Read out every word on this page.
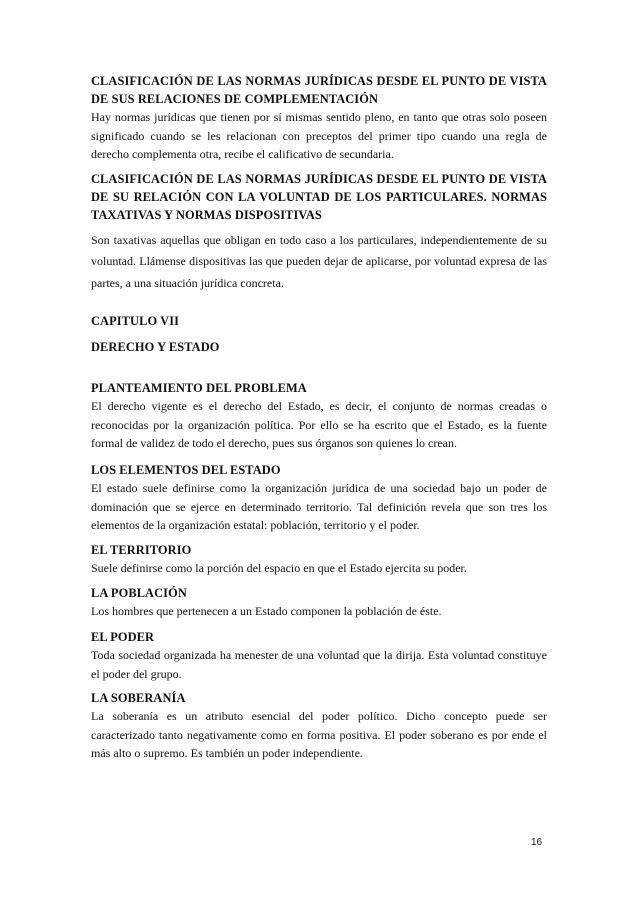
CLASIFICACIÓN DE LAS NORMAS JURÍDICAS DESDE EL PUNTO DE VISTA DE SUS RELACIONES DE COMPLEMENTACIÓN

Hay normas jurídicas que tienen por sí mismas sentido pleno, en tanto que otras solo poseen significado cuando se les relacionan con preceptos del primer tipo cuando una regla de derecho complementa otra, recibe el calificativo de secundaria.

CLASIFICACIÓN DE LAS NORMAS JURÍDICAS DESDE EL PUNTO DE VISTA DE SU RELACIÓN CON LA VOLUNTAD DE LOS PARTICULARES. NORMAS TAXATIVAS Y NORMAS DISPOSITIVAS

Son taxativas aquellas que obligan en todo caso a los particulares, independientemente de su voluntad. Llámense dispositivas las que pueden dejar de aplicarse, por voluntad expresa de las partes, a una situación jurídica concreta.

CAPITULO VII
DERECHO Y ESTADO
PLANTEAMIENTO DEL PROBLEMA

El derecho vigente es el derecho del Estado, es decir, el conjunto de normas creadas o reconocidas por la organización política. Por ello se ha escrito que el Estado, es la fuente formal de validez de todo el derecho, pues sus órganos son quienes lo crean.

LOS ELEMENTOS DEL ESTADO

El estado suele definirse como la organización jurídica de una sociedad bajo un poder de dominación que se ejerce en determinado territorio. Tal definición revela que son tres los elementos de la organización estatal: población, territorio y el poder.

EL TERRITORIO

Suele definirse como la porción del espacio en que el Estado ejercita su poder.

LA POBLACIÓN

Los hombres que pertenecen a un Estado componen la población de éste.

EL PODER

Toda sociedad organizada ha menester de una voluntad que la dirija. Esta voluntad constituye el poder del grupo.

LA SOBERANÍA

La soberanía es un atributo esencial del poder político. Dicho concepto puede ser caracterizado tanto negativamente como en forma positiva. El poder soberano es por ende el más alto o supremo. Es también un poder independiente.

16
